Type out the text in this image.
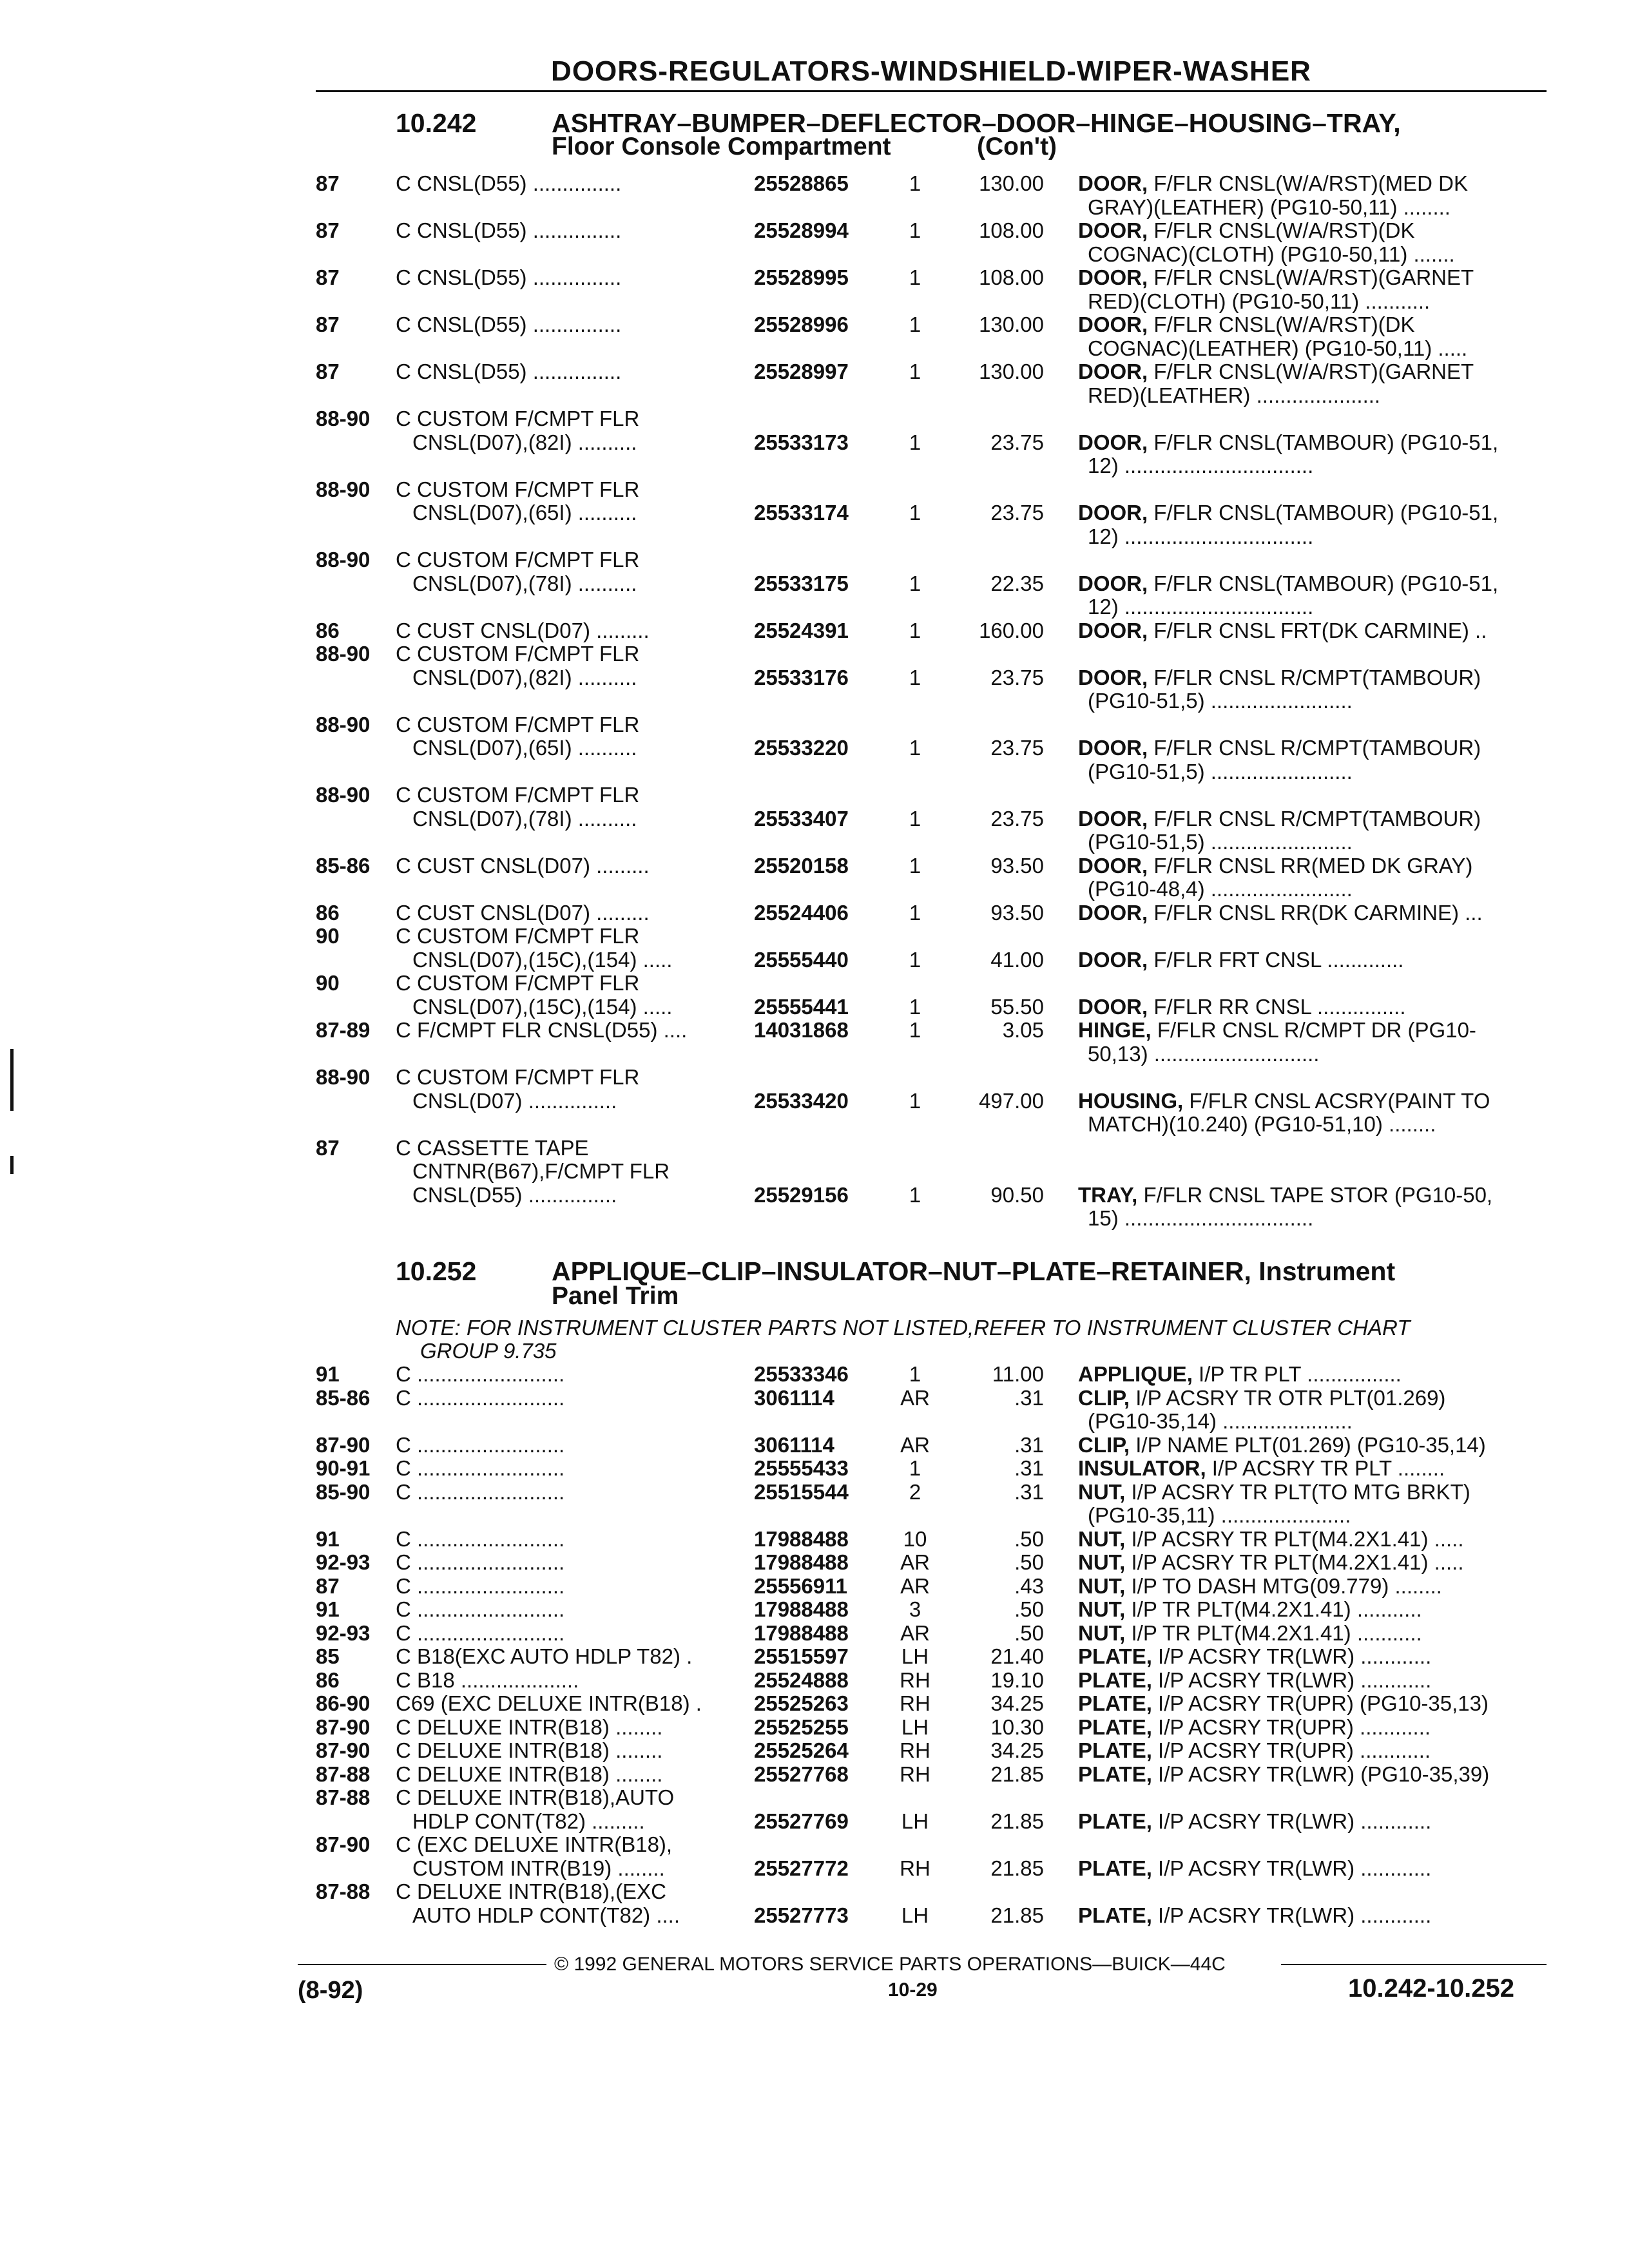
DOORS-REGULATORS-WINDSHIELD-WIPER-WASHER
10.242	ASHTRAY–BUMPER–DEFLECTOR–DOOR–HINGE–HOUSING–TRAY,
Floor Console Compartment	(Con't)
87	C CNSL(D55) ...............	25528865	1	130.00 DOOR, F/FLR CNSL(W/A/RST)(MED DK
GRAY)(LEATHER) (PG10-50,11) ........
87	C CNSL(D55) ...............	25528994	1	108.00 DOOR, F/FLR CNSL(W/A/RST)(DK
COGNAC)(CLOTH) (PG10-50,11) .......
87	C CNSL(D55) ...............	25528995	1	108.00 DOOR, F/FLR CNSL(W/A/RST)(GARNET
RED)(CLOTH) (PG10-50,11) ...........
87	C CNSL(D55) ...............	25528996	1	130.00 DOOR, F/FLR CNSL(W/A/RST)(DK
COGNAC)(LEATHER) (PG10-50,11) .....
87	C CNSL(D55) ...............	25528997	1	130.00 DOOR, F/FLR CNSL(W/A/RST)(GARNET
RED)(LEATHER) .....................
88-90 C CUSTOM F/CMPT FLR
CNSL(D07),(82I) ..........	25533173	1	23.75 DOOR, F/FLR CNSL(TAMBOUR) (PG10-51,
12) ................................
88-90 C CUSTOM F/CMPT FLR
CNSL(D07),(65I) ..........	25533174	1	23.75 DOOR, F/FLR CNSL(TAMBOUR) (PG10-51,
12) ................................
88-90 C CUSTOM F/CMPT FLR
CNSL(D07),(78I) ..........	25533175	1	22.35 DOOR, F/FLR CNSL(TAMBOUR) (PG10-51,
12) ................................
86	C CUST CNSL(D07) .........	25524391	1	160.00 DOOR, F/FLR CNSL FRT(DK CARMINE) ..
88-90 C CUSTOM F/CMPT FLR
CNSL(D07),(82I) ..........	25533176	1	23.75 DOOR, F/FLR CNSL R/CMPT(TAMBOUR)
(PG10-51,5) ........................
88-90 C CUSTOM F/CMPT FLR
CNSL(D07),(65I) ..........	25533220	1	23.75 DOOR, F/FLR CNSL R/CMPT(TAMBOUR)
(PG10-51,5) ........................
88-90 C CUSTOM F/CMPT FLR
CNSL(D07),(78I) ..........	25533407	1	23.75 DOOR, F/FLR CNSL R/CMPT(TAMBOUR)
(PG10-51,5) ........................
85-86 C CUST CNSL(D07) .........	25520158	1	93.50 DOOR, F/FLR CNSL RR(MED DK GRAY)
(PG10-48,4) ........................
86	C CUST CNSL(D07) .........	25524406	1	93.50 DOOR, F/FLR CNSL RR(DK CARMINE) ...
90	C CUSTOM F/CMPT FLR
CNSL(D07),(15C),(154) .....	25555440	1	41.00 DOOR, F/FLR FRT CNSL .............
90	C CUSTOM F/CMPT FLR
CNSL(D07),(15C),(154) .....	25555441	1	55.50 DOOR, F/FLR RR CNSL ...............
87-89 C F/CMPT FLR CNSL(D55) ....	14031868	1	3.05 HINGE, F/FLR CNSL R/CMPT DR (PG10-
50,13) ............................
88-90 C CUSTOM F/CMPT FLR
CNSL(D07) ...............	25533420	1	497.00 HOUSING, F/FLR CNSL ACSRY(PAINT TO
MATCH)(10.240) (PG10-51,10) ........
87	C CASSETTE TAPE
CNTNR(B67),F/CMPT FLR
CNSL(D55) ...............	25529156	1	90.50 TRAY, F/FLR CNSL TAPE STOR (PG10-50,
15) ................................
10.252	APPLIQUE–CLIP–INSULATOR–NUT–PLATE–RETAINER, Instrument
Panel Trim
NOTE: FOR INSTRUMENT CLUSTER PARTS NOT LISTED,REFER TO INSTRUMENT CLUSTER CHART
GROUP 9.735
91	C .........................	25533346	1	11.00 APPLIQUE, I/P TR PLT ................
85-86 C .........................	3061114	AR	.31 CLIP, I/P ACSRY TR OTR PLT(01.269)
(PG10-35,14) ......................
87-90 C .........................	3061114	AR	.31 CLIP, I/P NAME PLT(01.269) (PG10-35,14)
90-91 C .........................	25555433	1	.31 INSULATOR, I/P ACSRY TR PLT ........
85-90 C .........................	25515544	2	.31 NUT, I/P ACSRY TR PLT(TO MTG BRKT)
(PG10-35,11) ......................
91	C .........................	17988488	10	.50 NUT, I/P ACSRY TR PLT(M4.2X1.41) .....
92-93 C .........................	17988488	AR	.50 NUT, I/P ACSRY TR PLT(M4.2X1.41) .....
87	C .........................	25556911	AR	.43 NUT, I/P TO DASH MTG(09.779) ........
91	C .........................	17988488	3	.50 NUT, I/P TR PLT(M4.2X1.41) ...........
92-93 C .........................	17988488	AR	.50 NUT, I/P TR PLT(M4.2X1.41) ...........
85	C B18(EXC AUTO HDLP T82) .	25515597	LH	21.40 PLATE, I/P ACSRY TR(LWR) ............
86	C B18 ....................	25524888	RH	19.10 PLATE, I/P ACSRY TR(LWR) ............
86-90 C69 (EXC DELUXE INTR(B18) . 25525263	RH	34.25 PLATE, I/P ACSRY TR(UPR) (PG10-35,13)
87-90 C DELUXE INTR(B18) ........	25525255	LH	10.30 PLATE, I/P ACSRY TR(UPR) ............
87-90 C DELUXE INTR(B18) ........	25525264	RH	34.25 PLATE, I/P ACSRY TR(UPR) ............
87-88 C DELUXE INTR(B18) ........	25527768	RH	21.85 PLATE, I/P ACSRY TR(LWR) (PG10-35,39)
87-88 C DELUXE INTR(B18),AUTO
HDLP CONT(T82) .........	25527769	LH	21.85 PLATE, I/P ACSRY TR(LWR) ............
87-90 C (EXC DELUXE INTR(B18),
CUSTOM INTR(B19) ........	25527772	RH	21.85 PLATE, I/P ACSRY TR(LWR) ............
87-88 C DELUXE INTR(B18),(EXC
AUTO HDLP CONT(T82) ....	25527773	LH	21.85 PLATE, I/P ACSRY TR(LWR) ............
© 1992 GENERAL MOTORS SERVICE PARTS OPERATIONS—BUICK—44C
(8-92)	10-29	10.242-10.252
